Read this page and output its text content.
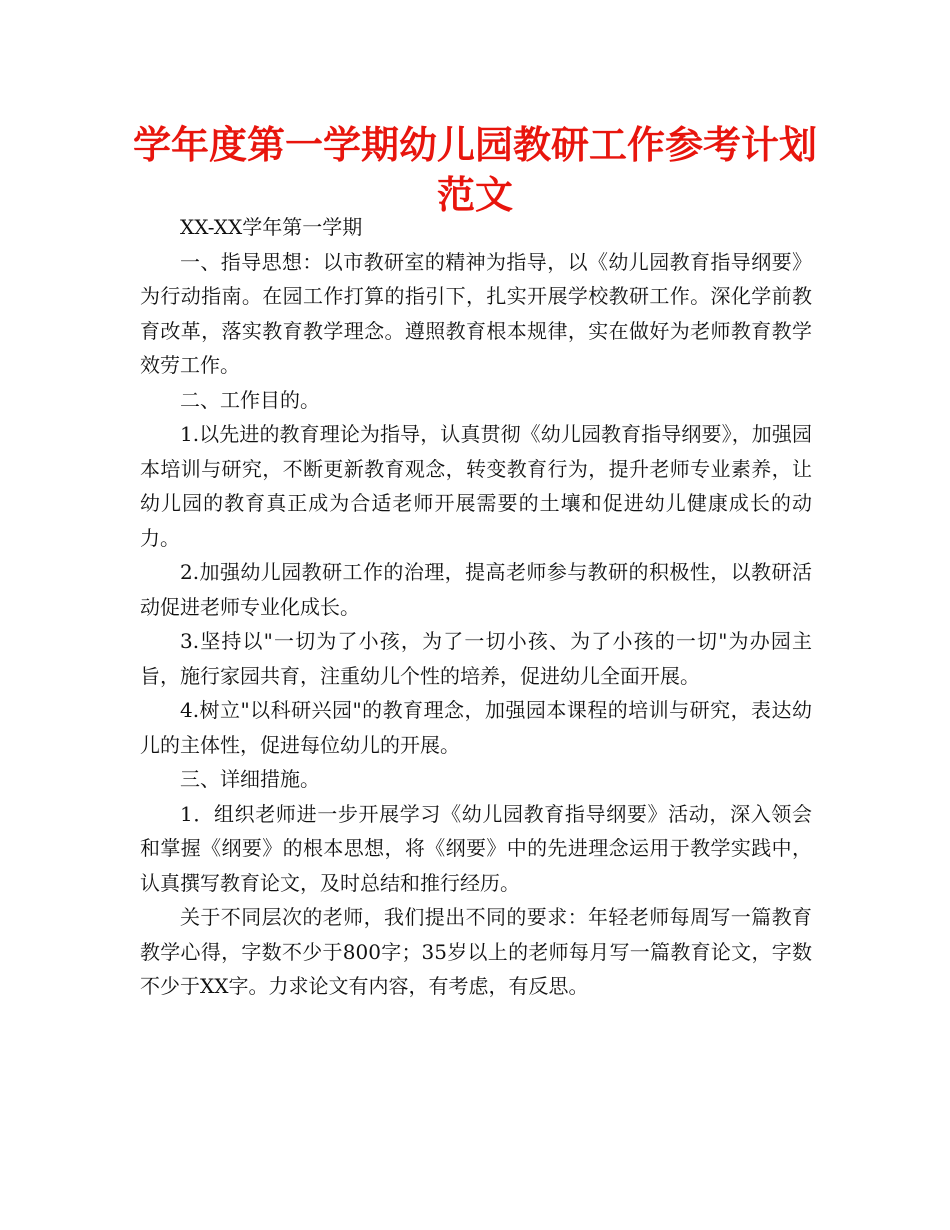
学年度第一学期幼儿园教研工作参考计划范文

XX-XX学年第一学期

一、指导思想：以市教研室的精神为指导，以《幼儿园教育指导纲要》为行动指南。在园工作打算的指引下，扎实开展学校教研工作。深化学前教育改革，落实教育教学理念。遵照教育根本规律，实在做好为老师教育教学效劳工作。

二、工作目的。

1.以先进的教育理论为指导，认真贯彻《幼儿园教育指导纲要》，加强园本培训与研究，不断更新教育观念，转变教育行为，提升老师专业素养，让幼儿园的教育真正成为合适老师开展需要的土壤和促进幼儿健康成长的动力。

2.加强幼儿园教研工作的治理，提高老师参与教研的积极性，以教研活动促进老师专业化成长。

3.坚持以"一切为了小孩，为了一切小孩、为了小孩的一切"为办园主旨，施行家园共育，注重幼儿个性的培养，促进幼儿全面开展。

4.树立"以科研兴园"的教育理念，加强园本课程的培训与研究，表达幼儿的主体性，促进每位幼儿的开展。

三、详细措施。

1．组织老师进一步开展学习《幼儿园教育指导纲要》活动，深入领会和掌握《纲要》的根本思想，将《纲要》中的先进理念运用于教学实践中，认真撰写教育论文，及时总结和推行经历。

关于不同层次的老师，我们提出不同的要求：年轻老师每周写一篇教育教学心得，字数不少于800字；35岁以上的老师每月写一篇教育论文，字数不少于XX字。力求论文有内容，有考虑，有反思。
